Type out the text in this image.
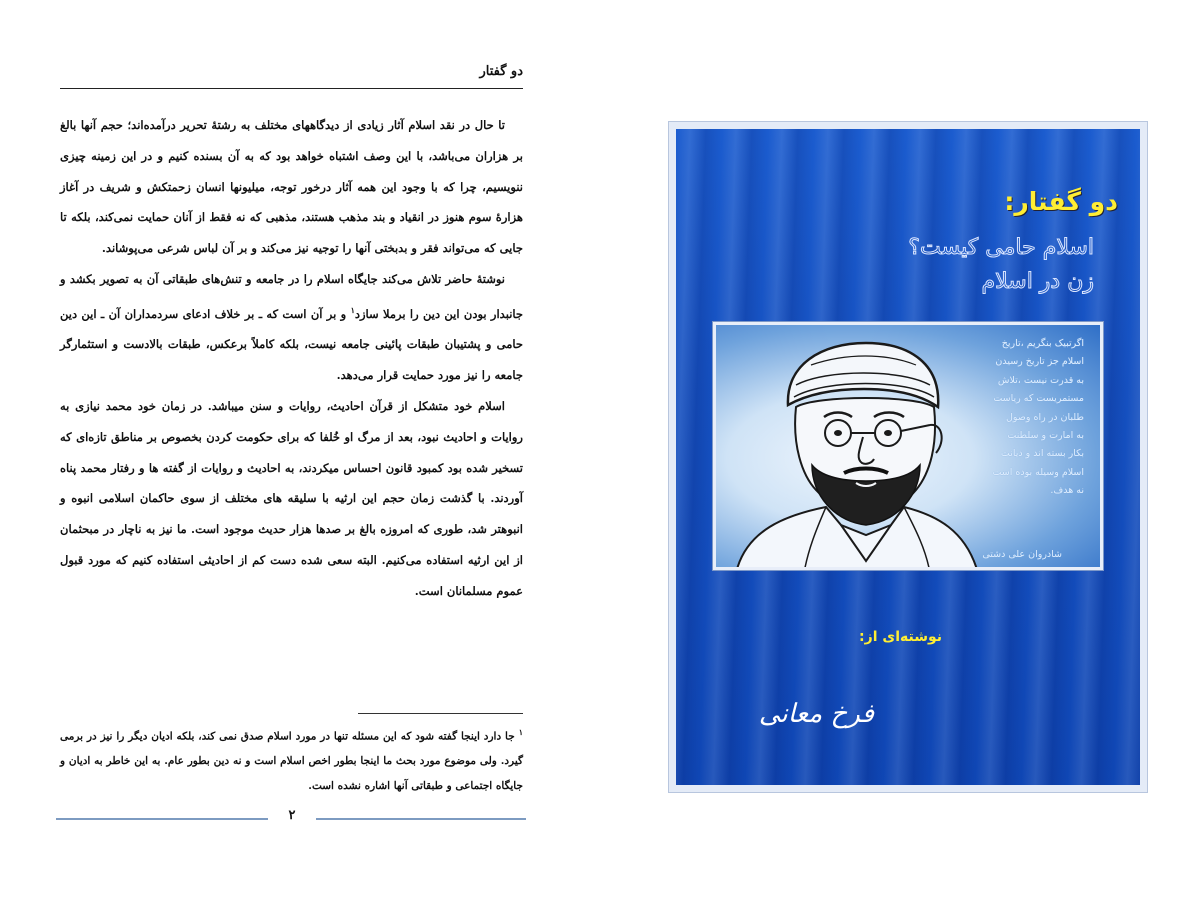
دو گفتار

تا حال در نقد اسلام آثار زیادی از دیدگاههای مختلف به رشتهٔ تحریر درآمده‌اند؛ حجم آنها بالغ بر هزاران می‌باشد، با این وصف اشتباه خواهد بود که به آن بسنده کنیم و در این زمینه چیزی ننویسیم، چرا که با وجود این همه آثار درخور توجه، میلیونها انسان زحمتکش و شریف در آغاز هزارهٔ سوم هنوز در انقیاد و بند مذهب هستند، مذهبی که نه فقط از آنان حمایت نمی‌کند، بلکه تا جایی که می‌تواند فقر و بدبختی آنها را توجیه نیز می‌کند و بر آن لباس شرعی می‌پوشاند.

نوشتهٔ حاضر تلاش می‌کند جایگاه اسلام را در جامعه و تنش‌های طبقاتی آن به تصویر بکشد و جانبدار بودن این دین را برملا سازد$^۱$ و بر آن است که ـ بر خلاف ادعای سردمداران آن ـ این دین حامی و پشتیبان طبقات پائینی جامعه نیست، بلکه کاملاً برعکس، طبقات بالادست و استثمارگر جامعه را نیز مورد حمایت قرار می‌دهد.

اسلام خود متشکل از قرآن احادیث، روایات و سنن میباشد. در زمان خود محمد نیازی به روایات و احادیث نبود، بعد از مرگ او خُلفا که برای حکومت کردن بخصوص بر مناطق تازه‌ای که تسخیر شده بود کمبود قانون احساس میکردند، به احادیث و روایات از گفته ها و رفتار محمد پناه آوردند. با گذشت زمان حجم این ارثیه با سلیقه های مختلف از سوی حاکمان اسلامی انبوه و انبوهتر شد، طوری که امروزه بالغ بر صدها هزار حدیث موجود است. ما نیز به ناچار در مبحثمان از این ارثیه استفاده می‌کنیم. البته سعی شده دست کم از احادیثی استفاده کنیم که مورد قبول عموم مسلمانان است.

$^۱$جا دارد اینجا گفته شود که این مسئله تنها در مورد اسلام صدق نمی کند، بلکه ادیان دیگر را نیز در برمی گیرد. ولی موضوع مورد بحث ما اینجا بطور اخص اسلام است و نه دین بطور عام. به این خاطر به ادیان و جایگاه اجتماعی و طبقاتی آنها اشاره نشده است.
۲
دو گفتار:
اسلام حامی کیست؟
زن در اسلام
اگرتبیک بنگریم ،تاریخ
اسلام جز تاریخ رسیدن
به قدرت نیست ،تلاش
مستمریست که ریاست
طلبان در راه وصول
به امارت و سلطنت
بکار بسته اند و دیانت
اسلام وسیله بوده است
نه هدف.
شادروان علی دشتی
نوشته‌ای از:
فرخ معانی
